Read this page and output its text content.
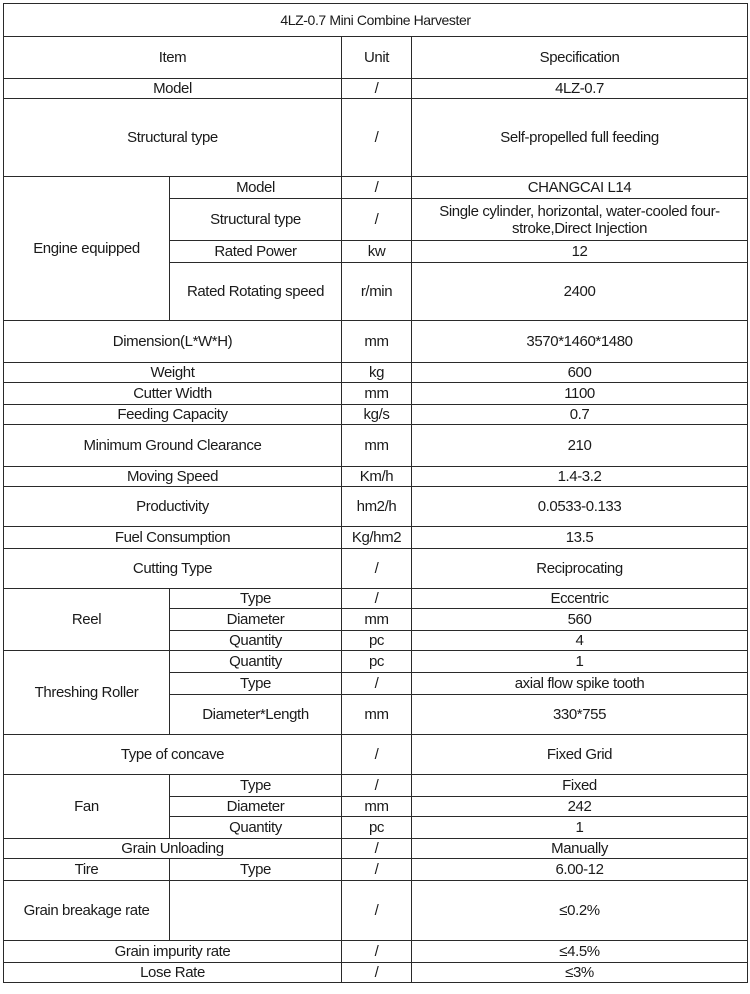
4LZ-0.7 Mini Combine Harvester			
Item		Unit	Specification
Model		/	4LZ-0.7
Structural type		/	Self-propelled full feeding
Engine equipped	Model	/	CHANGCAI L14
	Structural type	/	Single cylinder, horizontal, water-cooled four-stroke,Direct Injection
	Rated Power	kw	12
	Rated Rotating speed	r/min	2400
Dimension(L*W*H)		mm	3570*1460*1480
Weight		kg	600
Cutter Width		mm	1100
Feeding Capacity		kg/s	0.7
Minimum Ground Clearance		mm	210
Moving Speed		Km/h	1.4-3.2
Productivity		hm2/h	0.0533-0.133
Fuel Consumption		Kg/hm2	13.5
Cutting Type		/	Reciprocating
Reel	Type	/	Eccentric
	Diameter	mm	560
	Quantity	pc	4
Threshing Roller	Quantity	pc	1
	Type	/	axial flow spike tooth
	Diameter*Length	mm	330*755
Type of concave		/	Fixed Grid
Fan	Type	/	Fixed
	Diameter	mm	242
	Quantity	pc	1
Grain Unloading		/	Manually
Tire	Type	/	6.00-12
Grain breakage rate		/	≤0.2%
Grain impurity rate		/	≤4.5%
Lose Rate		/	≤3%
